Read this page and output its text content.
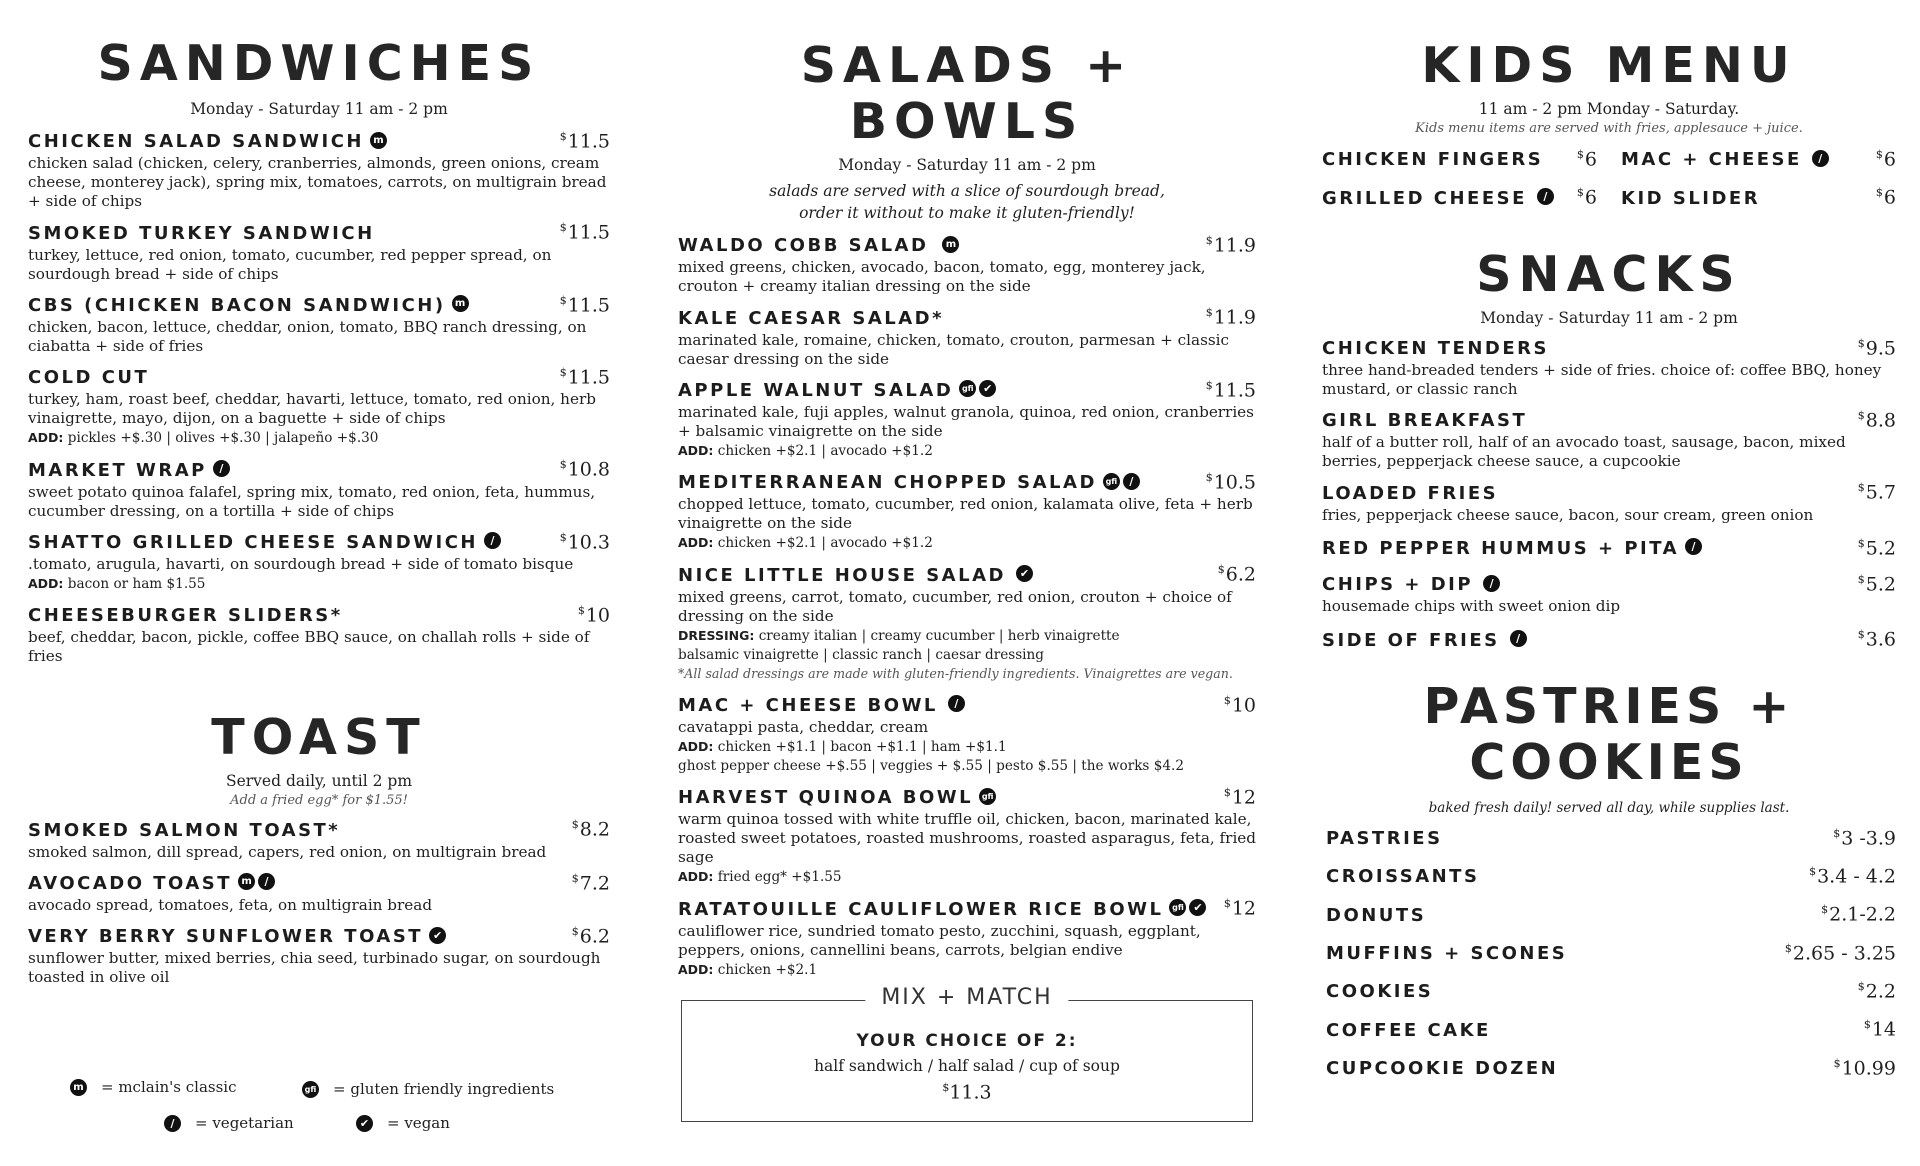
SANDWICHES

Monday - Saturday 11 am - 2 pm

CHICKEN SALAD SANDWICH m	$11.5
chicken salad (chicken, celery, cranberries, almonds, green onions, cream cheese, monterey jack), spring mix, tomatoes, carrots, on multigrain bread + side of chips
SMOKED TURKEY SANDWICH	$11.5
turkey, lettuce, red onion, tomato, cucumber, red pepper spread, on sourdough bread + side of chips
CBS (CHICKEN BACON SANDWICH) m	$11.5
chicken, bacon, lettuce, cheddar, onion, tomato, BBQ ranch dressing, on ciabatta + side of fries
COLD CUT	$11.5
turkey, ham, roast beef, cheddar, havarti, lettuce, tomato, red onion, herb vinaigrette, mayo, dijon, on a baguette + side of chips
ADD: pickles +$.30 | olives +$.30 | jalapeño +$.30
MARKET WRAP ∕	$10.8
sweet potato quinoa falafel, spring mix, tomato, red onion, feta, hummus, cucumber dressing, on a tortilla + side of chips
SHATTO GRILLED CHEESE SANDWICH ∕	$10.3
.tomato, arugula, havarti, on sourdough bread + side of tomato bisque
ADD: bacon or ham $1.55
CHEESEBURGER SLIDERS*	$10
beef, cheddar, bacon, pickle, coffee BBQ sauce, on challah rolls + side of fries
TOAST

Served daily, until 2 pm

Add a fried egg* for $1.55!
SMOKED SALMON TOAST*	$8.2
smoked salmon, dill spread, capers, red onion, on multigrain bread
AVOCADO TOAST m ∕	$7.2
avocado spread, tomatoes, feta, on multigrain bread
VERY BERRY SUNFLOWER TOAST ✔	$6.2
sunflower butter, mixed berries, chia seed, turbinado sugar, on sourdough toasted in olive oil
m = mclain's classic	gfi = gluten friendly ingredients
∕	= vegetarian	✔ = vegan
SALADS + BOWLS

Monday - Saturday 11 am - 2 pm

salads are served with a slice of sourdough bread,

order it without to make it gluten-friendly!

WALDO COBB SALAD m	$11.9
mixed greens, chicken, avocado, bacon, tomato, egg, monterey jack, crouton + creamy italian dressing on the side
KALE CAESAR SALAD*	$11.9
marinated kale, romaine, chicken, tomato, crouton, parmesan + classic caesar dressing on the side
APPLE WALNUT SALAD gfi ✔	$11.5
marinated kale, fuji apples, walnut granola, quinoa, red onion, cranberries + balsamic vinaigrette on the side
ADD: chicken +$2.1 | avocado +$1.2
MEDITERRANEAN CHOPPED SALAD gfi ∕	$10.5
chopped lettuce, tomato, cucumber, red onion, kalamata olive, feta + herb vinaigrette on the side
ADD: chicken +$2.1 | avocado +$1.2
NICE LITTLE HOUSE SALAD ✔	$6.2
mixed greens, carrot, tomato, cucumber, red onion, crouton + choice of dressing on the side
DRESSING: creamy italian | creamy cucumber | herb vinaigrette
balsamic vinaigrette | classic ranch | caesar dressing
*All salad dressings are made with gluten-friendly ingredients. Vinaigrettes are vegan.
MAC + CHEESE BOWL ∕	$10
cavatappi pasta, cheddar, cream
ADD: chicken +$1.1 | bacon +$1.1 | ham +$1.1
ghost pepper cheese +$.55 | veggies + $.55 | pesto $.55 | the works $4.2
HARVEST QUINOA BOWL gfi	$12
warm quinoa tossed with white truffle oil, chicken, bacon, marinated kale, roasted sweet potatoes, roasted mushrooms, roasted asparagus, feta, fried sage
ADD: fried egg* +$1.55
RATATOUILLE CAULIFLOWER RICE BOWL gfi ✔	$12
cauliflower rice, sundried tomato pesto, zucchini, squash, eggplant, peppers, onions, cannellini beans, carrots, belgian endive
ADD: chicken +$2.1
MIX + MATCH
YOUR CHOICE OF 2:
half sandwich / half salad / cup of soup
$11.3
KIDS MENU

11 am - 2 pm Monday - Saturday.

Kids menu items are served with fries, applesauce + juice.
CHICKEN FINGERS	$6 MAC + CHEESE ∕	$6
GRILLED CHEESE ∕	$6 KID SLIDER	$6
SNACKS

Monday - Saturday 11 am - 2 pm

CHICKEN TENDERS	$9.5
three hand-breaded tenders + side of fries. choice of: coffee BBQ, honey mustard, or classic ranch
GIRL BREAKFAST	$8.8
half of a butter roll, half of an avocado toast, sausage, bacon, mixed berries, pepperjack cheese sauce, a cupcookie
LOADED FRIES	$5.7
fries, pepperjack cheese sauce, bacon, sour cream, green onion
RED PEPPER HUMMUS + PITA ∕	$5.2
CHIPS + DIP ∕	$5.2
housemade chips with sweet onion dip
SIDE OF FRIES ∕	$3.6
PASTRIES + COOKIES

baked fresh daily! served all day, while supplies last.

PASTRIES	$3 -3.9
CROISSANTS	$3.4 - 4.2
DONUTS	$2.1-2.2
MUFFINS + SCONES	$2.65 - 3.25
COOKIES	$2.2
COFFEE CAKE	$14
CUPCOOKIE DOZEN	$10.99
